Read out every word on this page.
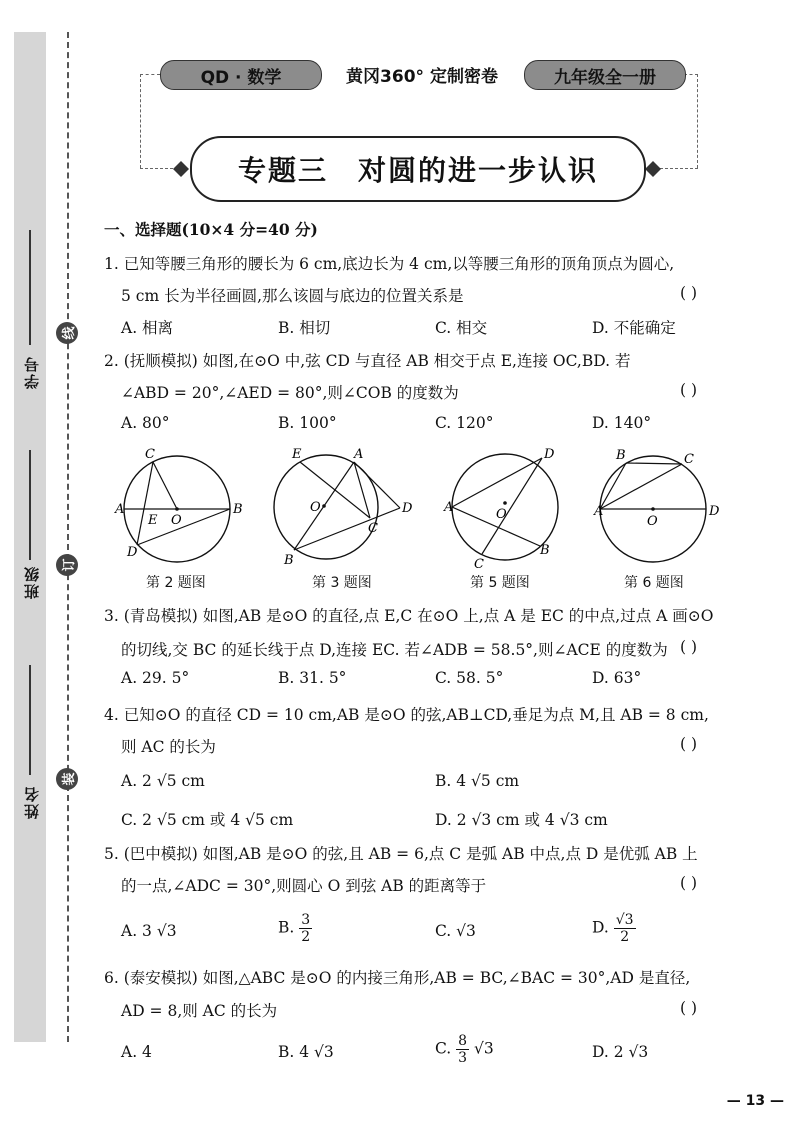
学号
班级
姓名
线
订
装
QD · 数学	黄冈360° 定制密卷	九年级全一册
专题三 对圆的进一步认识
一、选择题(10×4 分=40 分)
1. 已知等腰三角形的腰长为 6 cm,底边长为 4 cm,以等腰三角形的顶角顶点为圆心,
5 cm 长为半径画圆,那么该圆与底边的位置关系是	( )
A. 相离	B. 相切	C. 相交	D. 不能确定
2. (抚顺模拟) 如图,在⊙O 中,弦 CD 与直径 AB 相交于点 E,连接 OC,BD. 若
∠ABD = 20°,∠AED = 80°,则∠COB 的度数为	( )
A. 80°	B. 100°	C. 120°	D. 140°
C
A	B
E O
D
E	A
O
C
D
B
A
D
O
C
B
B	C
A	D
O
第 2 题图	第 3 题图	第 5 题图	第 6 题图
3. (青岛模拟) 如图,AB 是⊙O 的直径,点 E,C 在⊙O 上,点 A 是 EC 的中点,过点 A 画⊙O
的切线,交 BC 的延长线于点 D,连接 EC. 若∠ADB = 58.5°,则∠ACE 的度数为 ( )
A. 29. 5°	B. 31. 5°	C. 58. 5°	D. 63°
4. 已知⊙O 的直径 CD = 10 cm,AB 是⊙O 的弦,AB⊥CD,垂足为点 M,且 AB = 8 cm,
则 AC 的长为	( )
A. 2 √5 cm	B. 4 √5 cm
C. 2 √5 cm 或 4 √5 cm	D. 2 √3 cm 或 4 √3 cm
5. (巴中模拟) 如图,AB 是⊙O 的弦,且 AB = 6,点 C 是弧 AB 中点,点 D 是优弧 AB 上
的一点,∠ADC = 30°,则圆心 O 到弦 AB 的距离等于	( )
A. 3 √3	B. $\frac{3}{2}$	C. √3	D. $\frac{√3}{2}$
6. (泰安模拟) 如图,△ABC 是⊙O 的内接三角形,AB = BC,∠BAC = 30°,AD 是直径,
AD = 8,则 AC 的长为	( )
A. 4	B. 4 √3	C. $\frac{8}{3} √3$	D. 2 √3
— 13 —
